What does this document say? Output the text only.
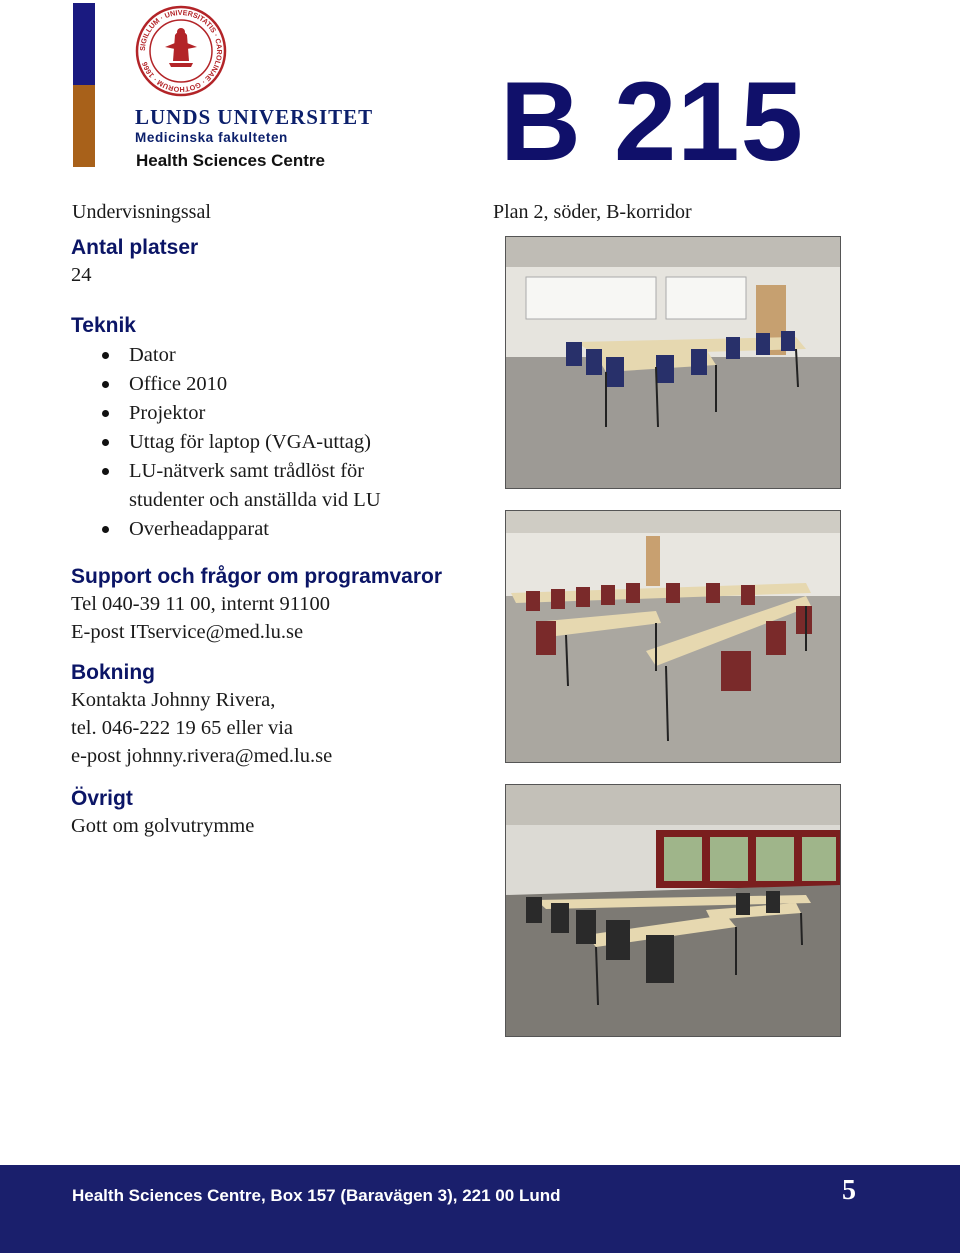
SIGILLUM · UNIVERSITATIS · CAROLINAE · GOTHORUM · 1666
LUNDS UNIVERSITET
Medicinska fakulteten
Health Sciences Centre B 215
Undervisningssal	Plan 2, söder, B-korridor
Antal platser
24
Teknik
Dator
Office 2010
Projektor
Uttag för laptop (VGA-uttag)
LU-nätverk samt trådlöst för
studenter och anställda vid LU
Overheadapparat
Support och frågor om programvaror
Tel 040-39 11 00, internt 91100
E-post ITservice@med.lu.se
Bokning
Kontakta Johnny Rivera,
tel. 046-222 19 65 eller via
e-post johnny.rivera@med.lu.se
Övrigt
Gott om golvutrymme
Health Sciences Centre, Box 157 (Baravägen 3), 221 00 Lund	5
